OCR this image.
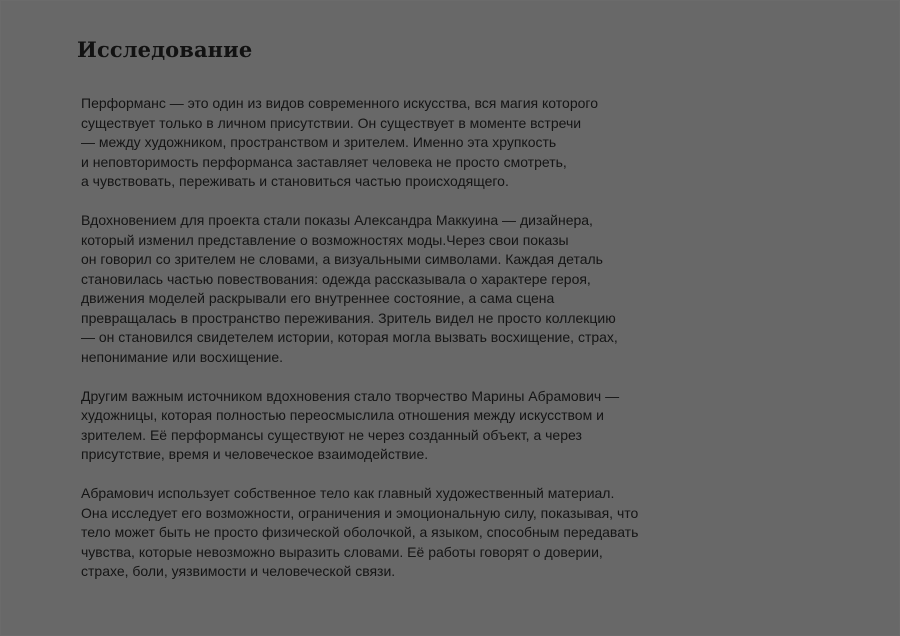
Исследование

Перформанс — это один из видов современного искусства, вся магия которого
существует только в личном присутствии. Он существует в моменте встречи
— между художником, пространством и зрителем. Именно эта хрупкость
и неповторимость перформанса заставляет человека не просто смотреть,
а чувствовать, переживать и становиться частью происходящего.

Вдохновением для проекта стали показы Александра Маккуина — дизайнера,
который изменил представление о возможностях моды.Через свои показы
он говорил со зрителем не словами, а визуальными символами. Каждая деталь
становилась частью повествования: одежда рассказывала о характере героя,
движения моделей раскрывали его внутреннее состояние, а сама сцена
превращалась в пространство переживания. Зритель видел не просто коллекцию
— он становился свидетелем истории, которая могла вызвать восхищение, страх,
непонимание или восхищение.

Другим важным источником вдохновения стало творчество Марины Абрамович —
художницы, которая полностью переосмыслила отношения между искусством и
зрителем. Её перформансы существуют не через созданный объект, а через
присутствие, время и человеческое взаимодействие.

Абрамович использует собственное тело как главный художественный материал.
Она исследует его возможности, ограничения и эмоциональную силу, показывая, что
тело может быть не просто физической оболочкой, а языком, способным передавать
чувства, которые невозможно выразить словами. Её работы говорят о доверии,
страхе, боли, уязвимости и человеческой связи.
